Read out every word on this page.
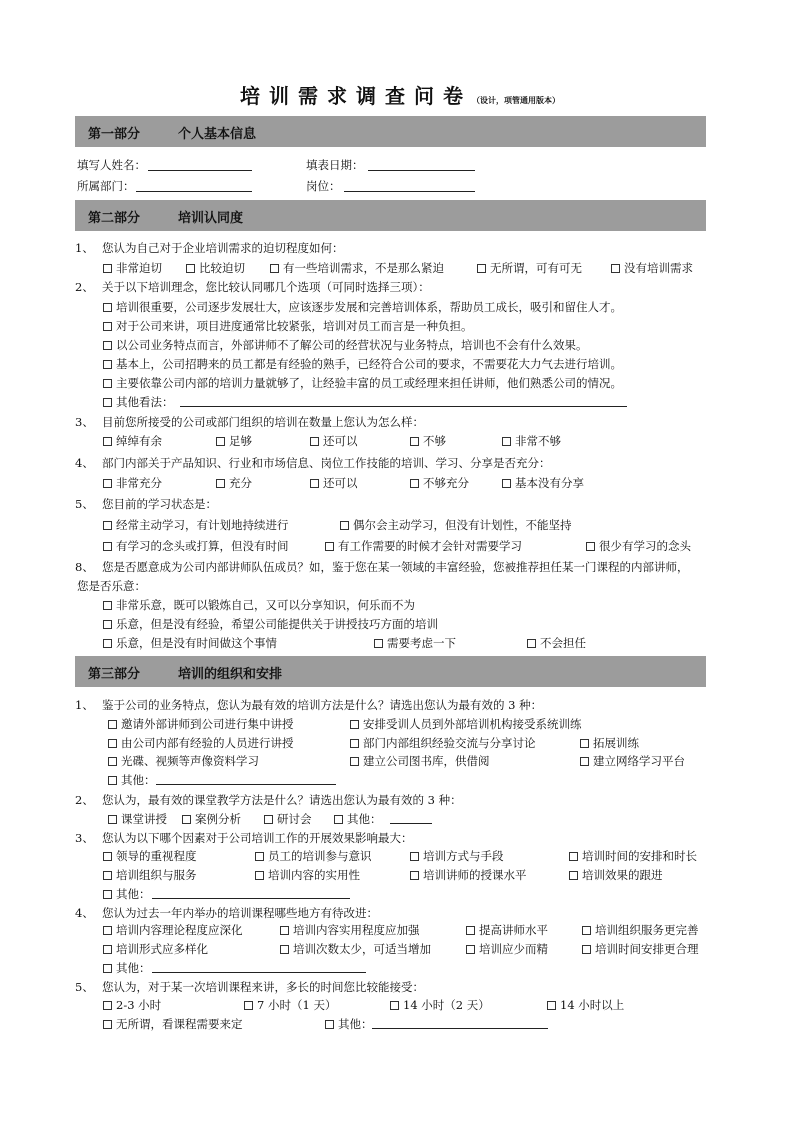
培训需求调查问卷（设计，项管通用版本）
第一部分	个人基本信息
填写人姓名：	填表日期：
所属部门：	岗位：
第二部分	培训认同度
1、 您认为自己对于企业培训需求的迫切程度如何：
非常迫切	比较迫切	有一些培训需求，不是那么紧迫	无所谓，可有可无	没有培训需求
2、 关于以下培训理念，您比较认同哪几个选项（可同时选择三项）：
培训很重要，公司逐步发展壮大，应该逐步发展和完善培训体系，帮助员工成长，吸引和留住人才。
对于公司来讲，项目进度通常比较紧张，培训对员工而言是一种负担。
以公司业务特点而言，外部讲师不了解公司的经营状况与业务特点，培训也不会有什么效果。
基本上，公司招聘来的员工都是有经验的熟手，已经符合公司的要求，不需要花大力气去进行培训。
主要依靠公司内部的培训力量就够了，让经验丰富的员工或经理来担任讲师，他们熟悉公司的情况。
其他看法：
3、 目前您所接受的公司或部门组织的培训在数量上您认为怎么样：
绰绰有余	足够	还可以	不够	非常不够
4、 部门内部关于产品知识、行业和市场信息、岗位工作技能的培训、学习、分享是否充分：
非常充分	充分	还可以	不够充分	基本没有分享
5、 您目前的学习状态是：
经常主动学习，有计划地持续进行	偶尔会主动学习，但没有计划性，不能坚持
有学习的念头或打算，但没有时间	有工作需要的时候才会针对需要学习	很少有学习的念头
8、 您是否愿意成为公司内部讲师队伍成员？如，鉴于您在某一领域的丰富经验，您被推荐担任某一门课程的内部讲师，
您是否乐意：
非常乐意，既可以锻炼自己，又可以分享知识，何乐而不为
乐意，但是没有经验，希望公司能提供关于讲授技巧方面的培训
乐意，但是没有时间做这个事情	需要考虑一下	不会担任
第三部分	培训的组织和安排
1、 鉴于公司的业务特点，您认为最有效的培训方法是什么？请选出您认为最有效的 3 种：
邀请外部讲师到公司进行集中讲授	安排受训人员到外部培训机构接受系统训练
由公司内部有经验的人员进行讲授	部门内部组织经验交流与分享讨论	拓展训练
光碟、视频等声像资料学习	建立公司图书库，供借阅	建立网络学习平台
其他：
2、 您认为，最有效的课堂教学方法是什么？请选出您认为最有效的 3 种：
课堂讲授	案例分析	研讨会	其他：
3、 您认为以下哪个因素对于公司培训工作的开展效果影响最大：
领导的重视程度	员工的培训参与意识	培训方式与手段	培训时间的安排和时长
培训组织与服务	培训内容的实用性	培训讲师的授课水平	培训效果的跟进
其他：
4、 您认为过去一年内举办的培训课程哪些地方有待改进：
培训内容理论程度应深化	培训内容实用程度应加强	提高讲师水平	培训组织服务更完善
培训形式应多样化	培训次数太少，可适当增加	培训应少而精	培训时间安排更合理
其他：
5、 您认为，对于某一次培训课程来讲，多长的时间您比较能接受：
2-3 小时	7 小时（1 天）	14 小时（2 天）	14 小时以上
无所谓，看课程需要来定	其他：
